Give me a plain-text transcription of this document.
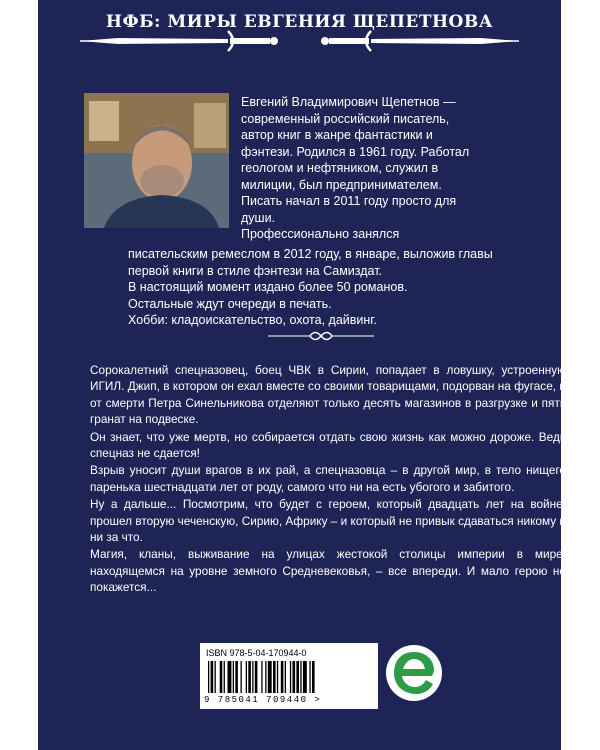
НФБ: МИРЫ ЕВГЕНИЯ ЩЕПЕТНОВА

Евгений Владимирович Щепетнов —

современный российский писатель,

автор книг в жанре фантастики и

фэнтези. Родился в 1961 году. Работал

геологом и нефтяником, служил в

милиции, был предпринимателем.

Писать начал в 2011 году просто для

души.

Профессионально занялся

писательским ремеслом в 2012 году, в январе, выложив главы

первой книги в стиле фэнтези на Самиздат.

В настоящий момент издано более 50 романов.

Остальные ждут очереди в печать.

Хобби: кладоискательство, охота, дайвинг.

Сорокалетний спецназовец, боец ЧВК в Сирии, попадает в ловушку, устроенную ИГИЛ. Джип, в котором он ехал вместе со своими товарищами, подорван на фугасе, и от смерти Петра Синельникова отделяют только десять магазинов в разгрузке и пять гранат на подвеске.

Он знает, что уже мертв, но собирается отдать свою жизнь как можно дороже. Ведь спецназ не сдается!

Взрыв уносит души врагов в их рай, а спецназовца – в другой мир, в тело нищего паренька шестнадцати лет от роду, самого что ни на есть убогого и забитого.

Ну а дальше... Посмотрим, что будет с героем, который двадцать лет на войне: прошел вторую чеченскую, Сирию, Африку – и который не привык сдаваться никому и ни за что.

Магия, кланы, выживание на улицах жестокой столицы империи в мире, находящемся на уровне земного Средневековья, – все впереди. И мало герою не покажется...

ISBN 978-5-04-170944-0
9 785041 709440 >
